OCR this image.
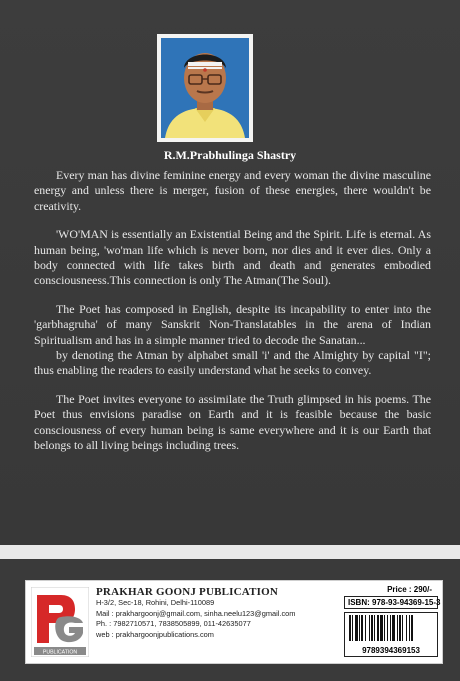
R.M.Prabhulinga Shastry

Every man has divine feminine energy and every woman the divine masculine energy and unless there is merger, fusion of these energies, there wouldn't be creativity.

'WO'MAN is essentially an Existential Being and the Spirit. Life is eternal. As human being, 'wo'man life which is never born, nor dies and it ever dies. Only a body connected with life takes birth and death and generates embodied consciousneess.This connection is only The Atman(The Soul).

The Poet has composed in English, despite its incapability to enter into the 'garbhagruha' of many Sanskrit Non-Translatables in the arena of Indian Spiritualism and has in a simple manner tried to decode the Sanatan...

by denoting the Atman by alphabet small 'i' and the Almighty by capital "I"; thus enabling the readers to easily understand what he seeks to convey.

The Poet invites everyone to assimilate the Truth glimpsed in his poems. The Poet thus envisions paradise on Earth and it is feasible because the basic consciousness of every human being is same everywhere and it is our Earth that belongs to all living beings including trees.

PUBLICATION
PRAKHAR GOONJ PUBLICATION
H-3/2, Sec-18, Rohini, Delhi-110089
Mail : prakhargoonj@gmail.com, sinha.neelu123@gmail.com
Ph. : 7982710571, 7838505899, 011-42635077
web : prakhargoonjpublications.com
Price : 290/-
ISBN: 978-93-94369-15-3
9789394369153
